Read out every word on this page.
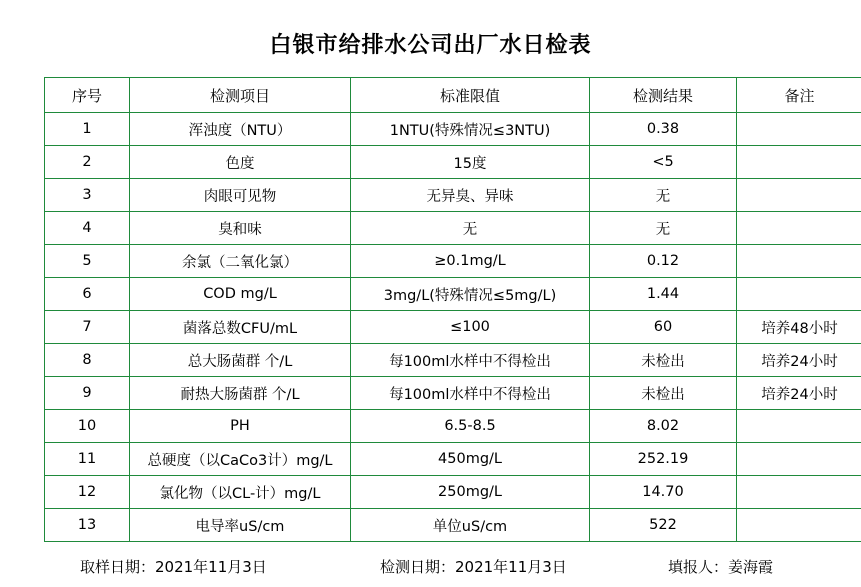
白银市给排水公司出厂水日检表
序号	检测项目	标准限值	检测结果	备注
1	浑浊度（NTU）	1NTU(特殊情况≤3NTU)	0.38	
2	色度	15度	<5	
3	肉眼可见物	无异臭、异味	无	
4	臭和味	无	无	
5	余氯（二氧化氯）	≥0.1mg/L	0.12	
6	COD mg/L	3mg/L(特殊情况≤5mg/L)	1.44	
7	菌落总数CFU/mL	≤100	60	培养48小时
8	总大肠菌群 个/L	每100ml水样中不得检出	未检出	培养24小时
9	耐热大肠菌群 个/L	每100ml水样中不得检出	未检出	培养24小时
10	PH	6.5-8.5	8.02	
11	总硬度（以CaCo3计）mg/L	450mg/L	252.19	
12	氯化物（以CL-计）mg/L	250mg/L	14.70	
13	电导率uS/cm	单位uS/cm	522	
取样日期：2021年11月3日	检测日期：2021年11月3日	填报人：姜海霞
